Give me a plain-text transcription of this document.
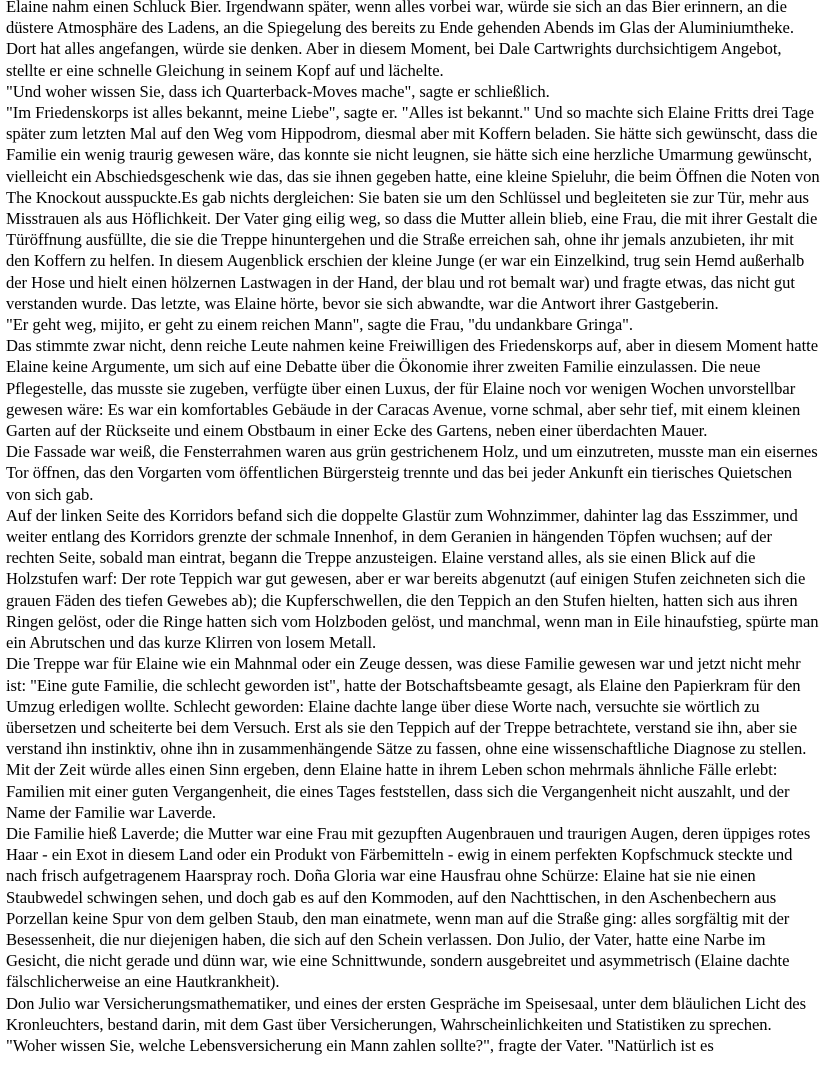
Elaine nahm einen Schluck Bier. Irgendwann später, wenn alles vorbei war, würde sie sich an das Bier erinnern, an die düstere Atmosphäre des Ladens, an die Spiegelung des bereits zu Ende gehenden Abends im Glas der Aluminiumtheke. Dort hat alles angefangen, würde sie denken. Aber in diesem Moment, bei Dale Cartwrights durchsichtigem Angebot, stellte er eine schnelle Gleichung in seinem Kopf auf und lächelte.

"Und woher wissen Sie, dass ich Quarterback-Moves mache", sagte er schließlich.

"Im Friedenskorps ist alles bekannt, meine Liebe", sagte er. "Alles ist bekannt." Und so machte sich Elaine Fritts drei Tage später zum letzten Mal auf den Weg vom Hippodrom, diesmal aber mit Koffern beladen. Sie hätte sich gewünscht, dass die Familie ein wenig traurig gewesen wäre, das konnte sie nicht leugnen, sie hätte sich eine herzliche Umarmung gewünscht, vielleicht ein Abschiedsgeschenk wie das, das sie ihnen gegeben hatte, eine kleine Spieluhr, die beim Öffnen die Noten von The Knockout ausspuckte.Es gab nichts dergleichen: Sie baten sie um den Schlüssel und begleiteten sie zur Tür, mehr aus Misstrauen als aus Höflichkeit. Der Vater ging eilig weg, so dass die Mutter allein blieb, eine Frau, die mit ihrer Gestalt die Türöffnung ausfüllte, die sie die Treppe hinuntergehen und die Straße erreichen sah, ohne ihr jemals anzubieten, ihr mit den Koffern zu helfen. In diesem Augenblick erschien der kleine Junge (er war ein Einzelkind, trug sein Hemd außerhalb der Hose und hielt einen hölzernen Lastwagen in der Hand, der blau und rot bemalt war) und fragte etwas, das nicht gut verstanden wurde. Das letzte, was Elaine hörte, bevor sie sich abwandte, war die Antwort ihrer Gastgeberin.

"Er geht weg, mijito, er geht zu einem reichen Mann", sagte die Frau, "du undankbare Gringa".

Das stimmte zwar nicht, denn reiche Leute nahmen keine Freiwilligen des Friedenskorps auf, aber in diesem Moment hatte Elaine keine Argumente, um sich auf eine Debatte über die Ökonomie ihrer zweiten Familie einzulassen. Die neue Pflegestelle, das musste sie zugeben, verfügte über einen Luxus, der für Elaine noch vor wenigen Wochen unvorstellbar gewesen wäre: Es war ein komfortables Gebäude in der Caracas Avenue, vorne schmal, aber sehr tief, mit einem kleinen Garten auf der Rückseite und einem Obstbaum in einer Ecke des Gartens, neben einer überdachten Mauer.

Die Fassade war weiß, die Fensterrahmen waren aus grün gestrichenem Holz, und um einzutreten, musste man ein eisernes Tor öffnen, das den Vorgarten vom öffentlichen Bürgersteig trennte und das bei jeder Ankunft ein tierisches Quietschen von sich gab.

Auf der linken Seite des Korridors befand sich die doppelte Glastür zum Wohnzimmer, dahinter lag das Esszimmer, und weiter entlang des Korridors grenzte der schmale Innenhof, in dem Geranien in hängenden Töpfen wuchsen; auf der rechten Seite, sobald man eintrat, begann die Treppe anzusteigen. Elaine verstand alles, als sie einen Blick auf die Holzstufen warf: Der rote Teppich war gut gewesen, aber er war bereits abgenutzt (auf einigen Stufen zeichneten sich die grauen Fäden des tiefen Gewebes ab); die Kupferschwellen, die den Teppich an den Stufen hielten, hatten sich aus ihren Ringen gelöst, oder die Ringe hatten sich vom Holzboden gelöst, und manchmal, wenn man in Eile hinaufstieg, spürte man ein Abrutschen und das kurze Klirren von losem Metall.

Die Treppe war für Elaine wie ein Mahnmal oder ein Zeuge dessen, was diese Familie gewesen war und jetzt nicht mehr ist: "Eine gute Familie, die schlecht geworden ist", hatte der Botschaftsbeamte gesagt, als Elaine den Papierkram für den Umzug erledigen wollte. Schlecht geworden: Elaine dachte lange über diese Worte nach, versuchte sie wörtlich zu übersetzen und scheiterte bei dem Versuch. Erst als sie den Teppich auf der Treppe betrachtete, verstand sie ihn, aber sie verstand ihn instinktiv, ohne ihn in zusammenhängende Sätze zu fassen, ohne eine wissenschaftliche Diagnose zu stellen.

Mit der Zeit würde alles einen Sinn ergeben, denn Elaine hatte in ihrem Leben schon mehrmals ähnliche Fälle erlebt: Familien mit einer guten Vergangenheit, die eines Tages feststellen, dass sich die Vergangenheit nicht auszahlt, und der Name der Familie war Laverde.

Die Familie hieß Laverde; die Mutter war eine Frau mit gezupften Augenbrauen und traurigen Augen, deren üppiges rotes Haar - ein Exot in diesem Land oder ein Produkt von Färbemitteln - ewig in einem perfekten Kopfschmuck steckte und nach frisch aufgetragenem Haarspray roch. Doña Gloria war eine Hausfrau ohne Schürze: Elaine hat sie nie einen Staubwedel schwingen sehen, und doch gab es auf den Kommoden, auf den Nachttischen, in den Aschenbechern aus Porzellan keine Spur von dem gelben Staub, den man einatmete, wenn man auf die Straße ging: alles sorgfältig mit der Besessenheit, die nur diejenigen haben, die sich auf den Schein verlassen. Don Julio, der Vater, hatte eine Narbe im Gesicht, die nicht gerade und dünn war, wie eine Schnittwunde, sondern ausgebreitet und asymmetrisch (Elaine dachte fälschlicherweise an eine Hautkrankheit).

Don Julio war Versicherungsmathematiker, und eines der ersten Gespräche im Speisesaal, unter dem bläulichen Licht des Kronleuchters, bestand darin, mit dem Gast über Versicherungen, Wahrscheinlichkeiten und Statistiken zu sprechen.

"Woher wissen Sie, welche Lebensversicherung ein Mann zahlen sollte?", fragte der Vater. "Natürlich ist es
